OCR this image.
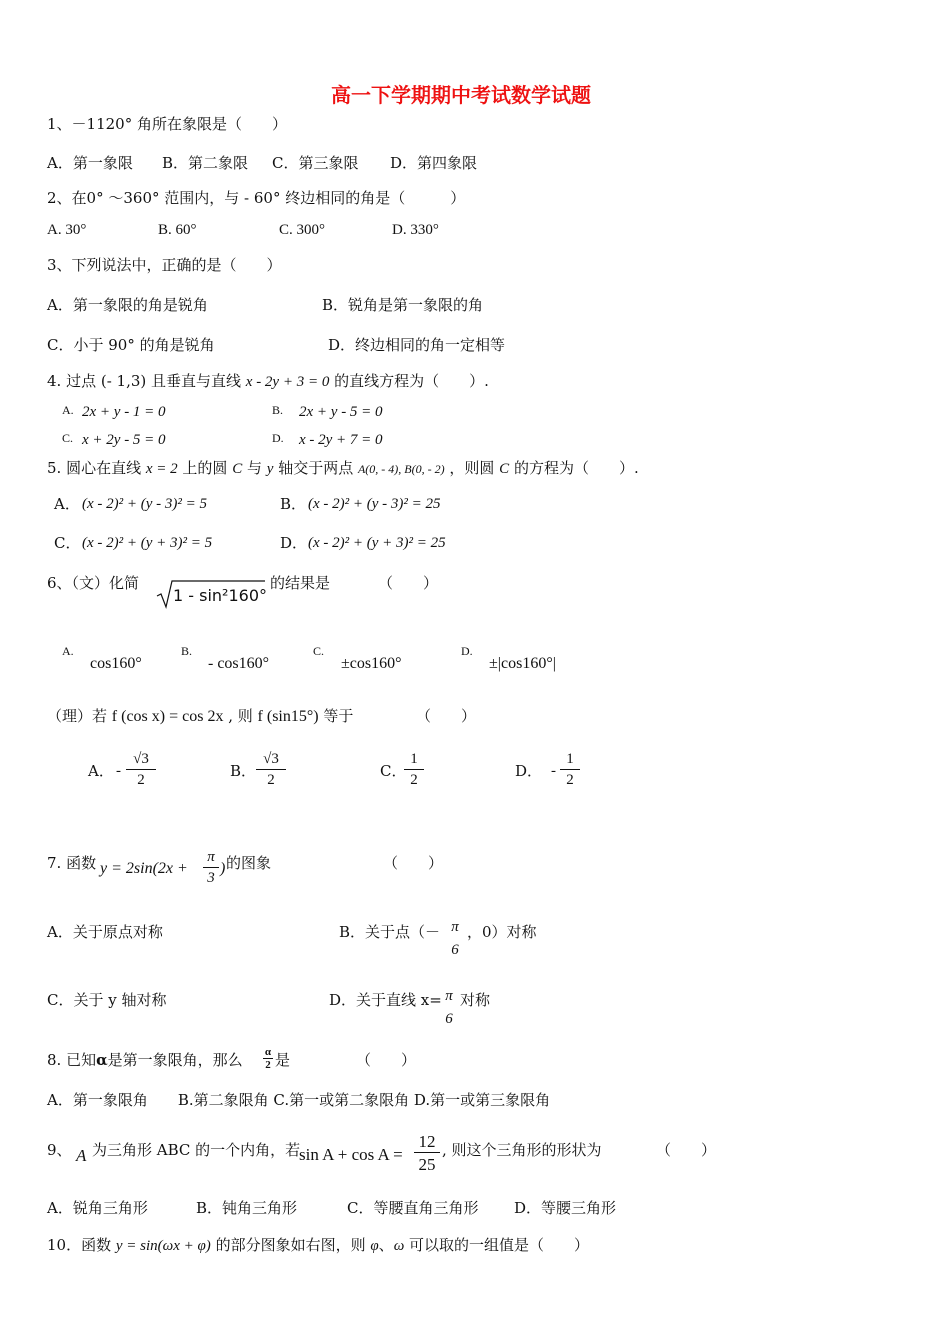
高一下学期期中考试数学试题
1、－1120° 角所在象限是（　　）
A．第一象限 B．第二象限 C．第三象限 D．第四象限
2、在0° ～360° 范围内，与 - 60° 终边相同的角是（　　　）
A. 30°	B. 60°	C. 300°	D. 330°
3、下列说法中，正确的是（　　）
A．第一象限的角是锐角	B．锐角是第一象限的角
C．小于 90° 的角是锐角	D．终边相同的角一定相等
4. 过点 (- 1,3) 且垂直与直线 x - 2y + 3 = 0 的直线方程为（　　）.
A. 2x + y - 1 = 0	B. 2x + y - 5 = 0
C. x + 2y - 5 = 0	D. x - 2y + 7 = 0
5. 圆心在直线 x = 2 上的圆 C 与 y 轴交于两点 A(0, - 4), B(0, - 2) ，则圆 C 的方程为（　　）.
A． (x - 2)² + (y - 3)² = 5	B． (x - 2)² + (y - 3)² = 25
C． (x - 2)² + (y + 3)² = 5	D． (x - 2)² + (y + 3)² = 25
6、（文）化简
1 - sin²160°
的结果是	（　　）
A.
cos160°
B.
- cos160°
C.
±cos160°
D.
±|cos160°|
（理）若 f (cos x) = cos 2x , 则 f (sin15°) 等于	（　　）
A． - $\frac{√3}{2}$	B． $\frac{√3}{2}$	C．
$\frac{1}{2}$	D． - $\frac{1}{2}$
7. 函数 $y = 2\sin(2x + \frac{\pi}{3}$ ) 的图象	（　　）
A．关于原点对称	B．关于点（－ π
6
，0）对称
C．关于 y 轴对称	D．关于直线 x= π
6
对称
8. 已知α是第一象限角，那么 $\frac{\alpha}{2}$ 是	（　　）
A．第一象限角　　B.第二象限角 C.第一或第二象限角 D.第一或第三象限角
9、 A 为三角形 ABC 的一个内角，若
$\sin A + \cos A = \frac{12}{25}$ , 则这个三角形的形状为	（　　）
A．锐角三角形	B．钝角三角形	C．等腰直角三角形 D．等腰三角形
10．函数 y = sin(ωx + φ) 的部分图象如右图，则 φ、ω 可以取的一组值是（　　）
